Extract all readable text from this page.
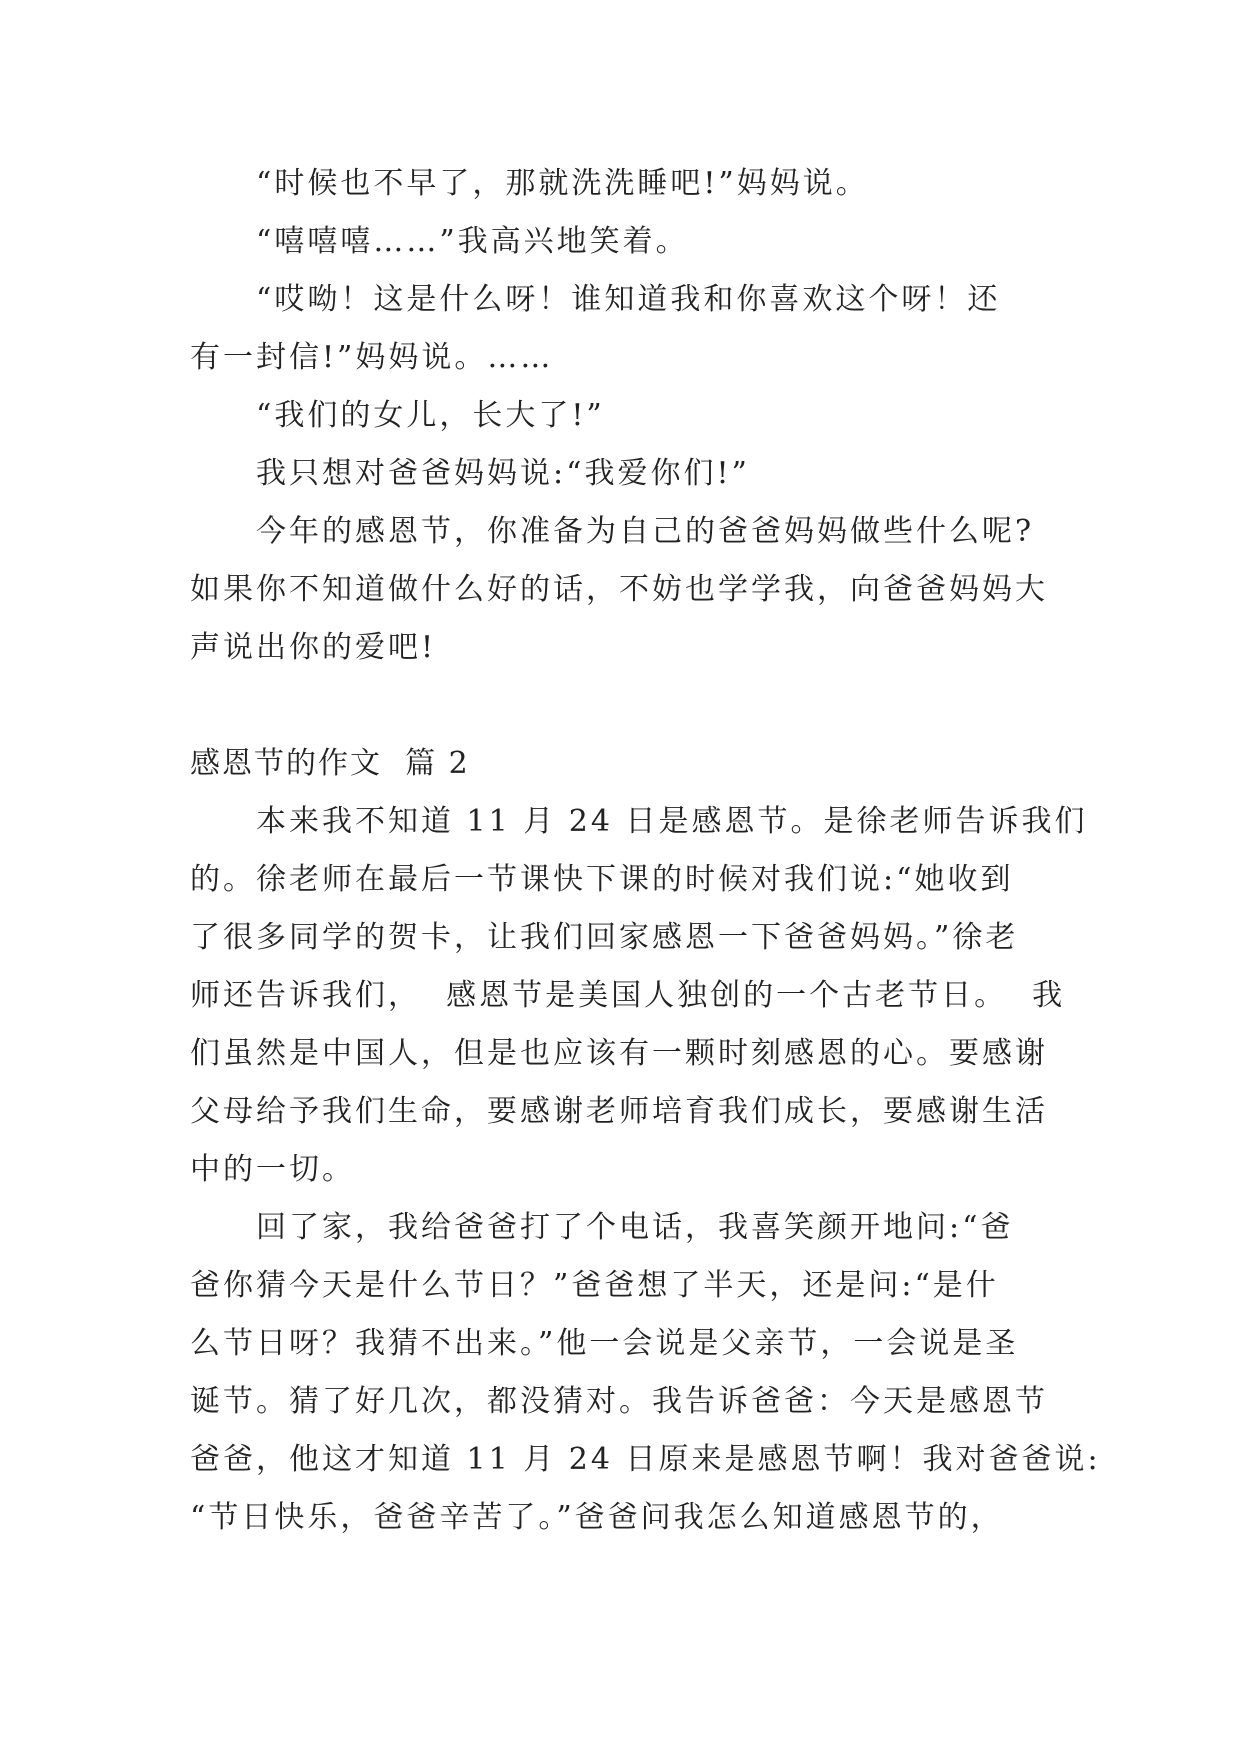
“时候也不早了，那就洗洗睡吧!”妈妈说。
“嘻嘻嘻……”我高兴地笑着。
“哎呦！这是什么呀！谁知道我和你喜欢这个呀！还
有一封信!”妈妈说。……
“我们的女儿，长大了!”
我只想对爸爸妈妈说:“我爱你们!”
今年的感恩节，你准备为自己的爸爸妈妈做些什么呢?
如果你不知道做什么好的话，不妨也学学我，向爸爸妈妈大
声说出你的爱吧!
感恩节的作文  篇 2
本来我不知道 11 月 24 日是感恩节。是徐老师告诉我们
的。徐老师在最后一节课快下课的时候对我们说:“她收到
了很多同学的贺卡，让我们回家感恩一下爸爸妈妈。”徐老
师还告诉我们，  感恩节是美国人独创的一个古老节日。  我
们虽然是中国人，但是也应该有一颗时刻感恩的心。要感谢
父母给予我们生命，要感谢老师培育我们成长，要感谢生活
中的一切。
回了家，我给爸爸打了个电话，我喜笑颜开地问:“爸
爸你猜今天是什么节日？”爸爸想了半天，还是问:“是什
么节日呀？我猜不出来。”他一会说是父亲节，一会说是圣
诞节。猜了好几次，都没猜对。我告诉爸爸：今天是感恩节
爸爸，他这才知道 11 月 24 日原来是感恩节啊！我对爸爸说:
“节日快乐，爸爸辛苦了。”爸爸问我怎么知道感恩节的，
